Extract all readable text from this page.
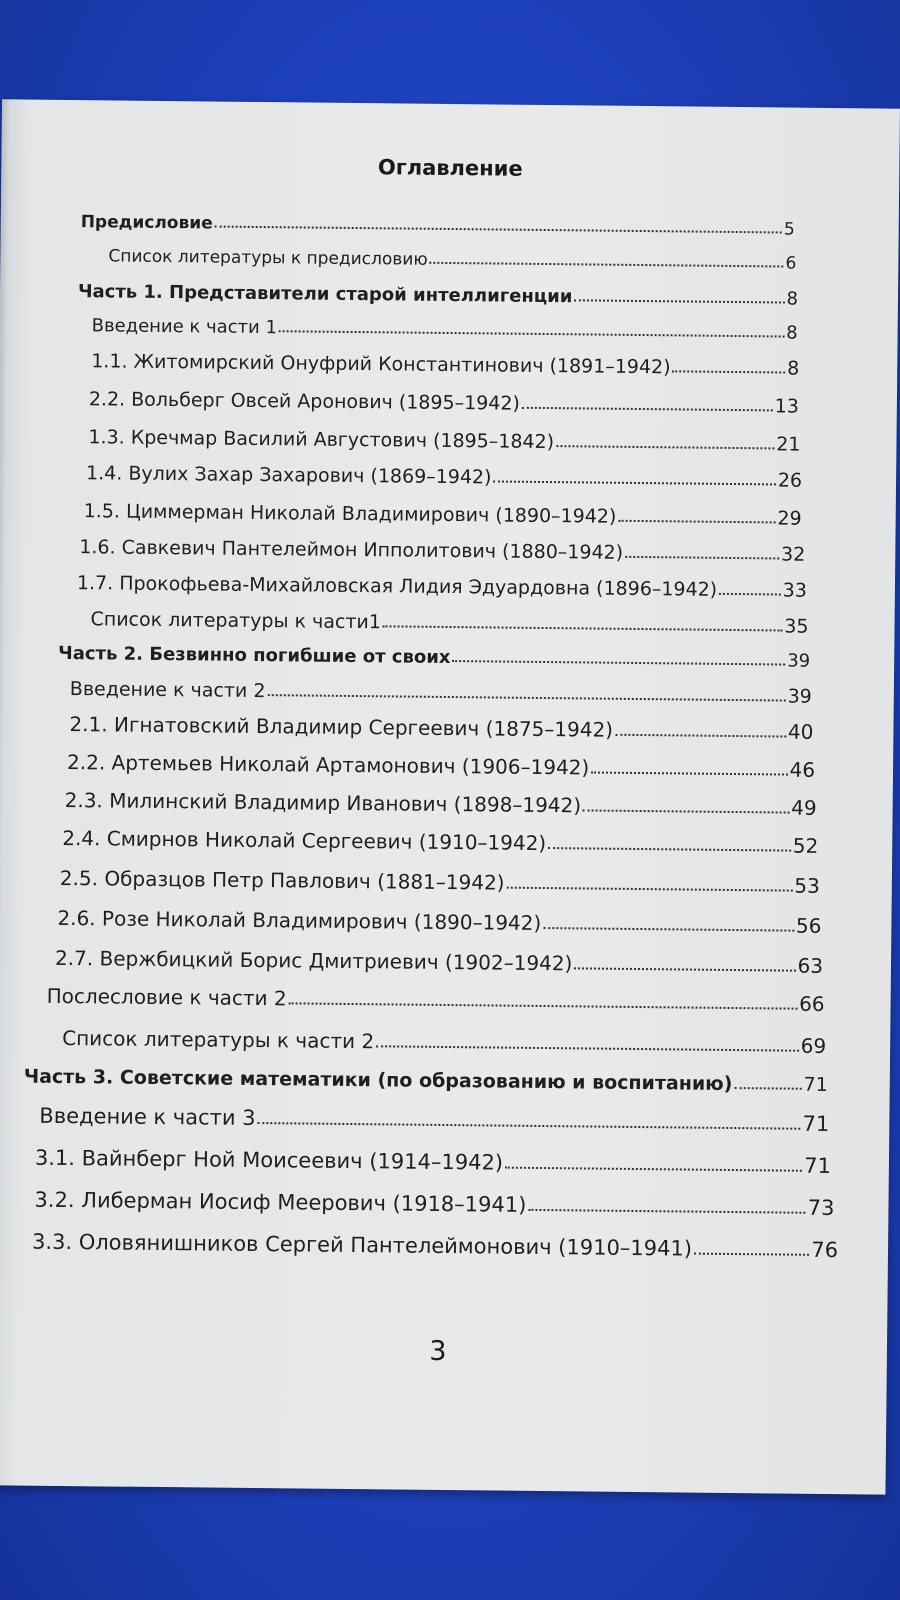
Оглавление
Предисловие	5
Список литературы к предисловию	6
Часть 1. Представители старой интеллигенции	8
Введение к части 1	8
1.1. Житомирский Онуфрий Константинович (1891–1942)	8
2.2. Вольберг Овсей Аронович (1895–1942)	13
1.3. Кречмар Василий Августович (1895–1842)	21
1.4. Вулих Захар Захарович (1869–1942)	26
1.5. Циммерман Николай Владимирович (1890–1942)	29
1.6. Савкевич Пантелеймон Ипполитович (1880–1942)	32
1.7. Прокофьева-Михайловская Лидия Эдуардовна (1896–1942)	33
Список литературы к части1	35
Часть 2. Безвинно погибшие от своих	39
Введение к части 2	39
2.1. Игнатовский Владимир Сергеевич (1875–1942)	40
2.2. Артемьев Николай Артамонович (1906–1942)	46
2.3. Милинский Владимир Иванович (1898–1942)	49
2.4. Смирнов Николай Сергеевич (1910–1942)	52
2.5. Образцов Петр Павлович (1881–1942)	53
2.6. Розе Николай Владимирович (1890–1942)	56
2.7. Вержбицкий Борис Дмитриевич (1902–1942)	63
Послесловие к части 2	66
Список литературы к части 2	69
Часть 3. Советские математики (по образованию и воспитанию)	71
Введение к части 3	71
3.1. Вайнберг Ной Моисеевич (1914–1942)	71
3.2. Либерман Иосиф Меерович (1918–1941)	73
3.3. Оловянишников Сергей Пантелеймонович (1910–1941)	76
3
